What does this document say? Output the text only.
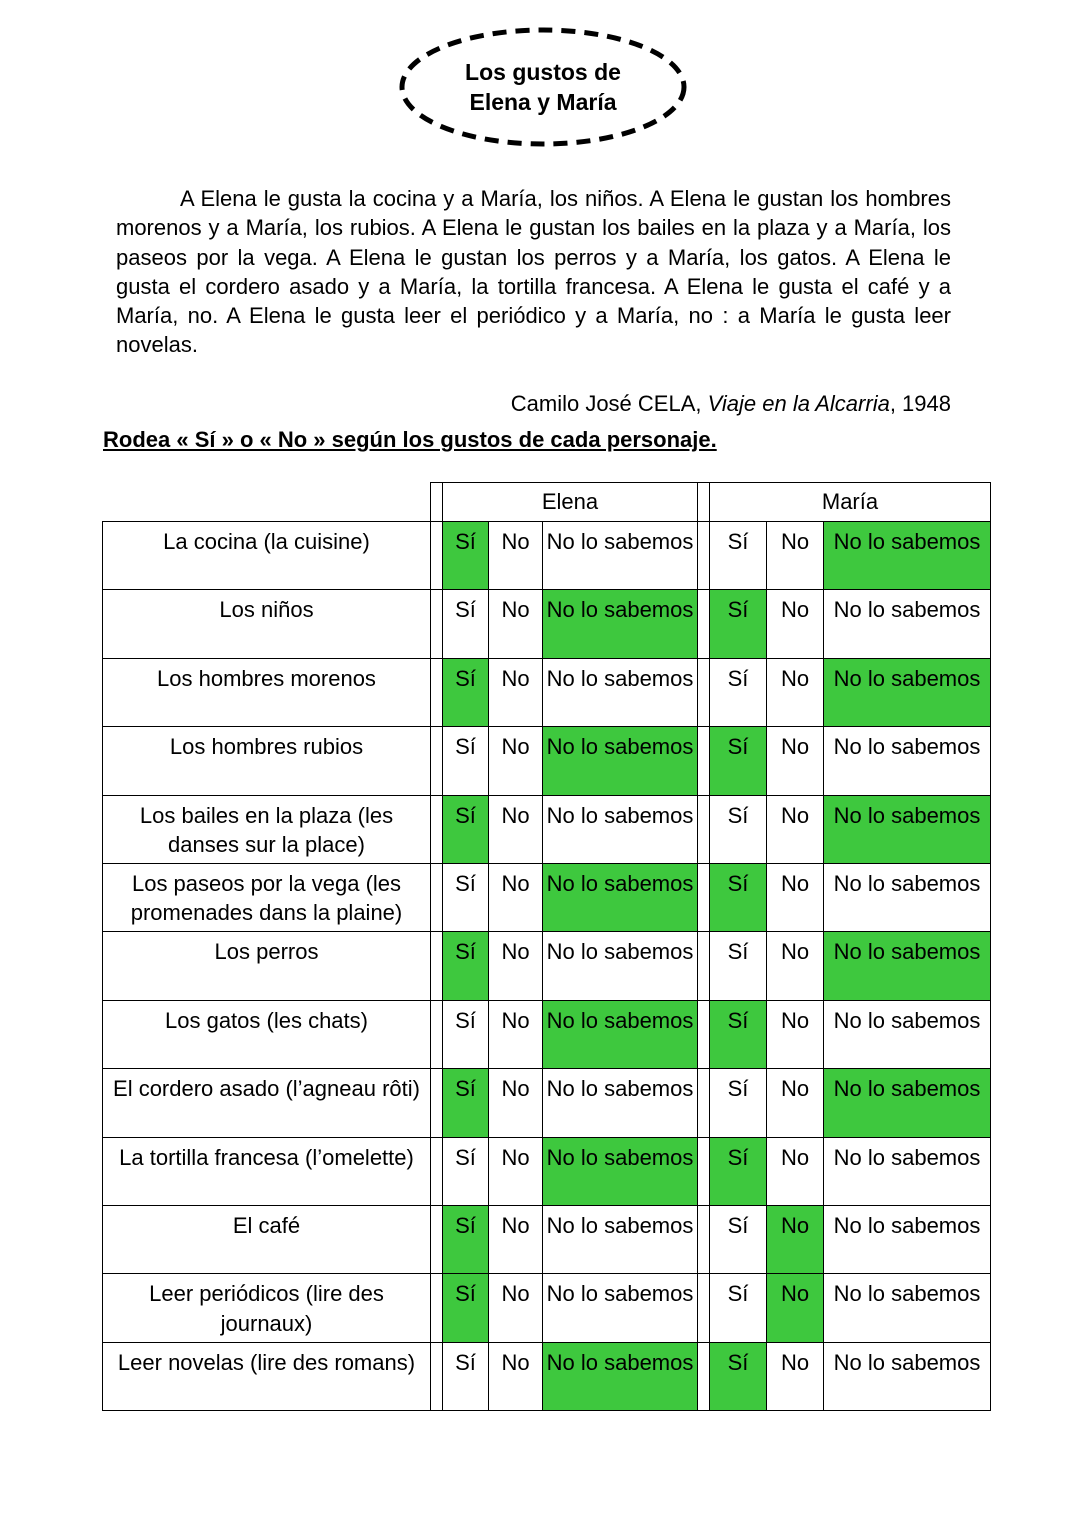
Los gustos de
Elena y María

A Elena le gusta la cocina y a María, los niños. A Elena le gustan los hombres morenos y a María, los rubios. A Elena le gustan los bailes en la plaza y a María, los paseos por la vega. A Elena le gustan los perros y a María, los gatos. A Elena le gusta el cordero asado y a María, la tortilla francesa. A Elena le gusta el café y a María, no. A Elena le gusta leer el periódico y a María, no : a María le gusta leer novelas.

Camilo José CELA, Viaje en la Alcarria, 1948
Rodea « Sí » o « No » según los gustos de cada personaje.
		Elena				María		
La cocina (la cuisine)		Sí	No	No lo sabemos		Sí	No	No lo sabemos
Los niños		Sí	No	No lo sabemos		Sí	No	No lo sabemos
Los hombres morenos		Sí	No	No lo sabemos		Sí	No	No lo sabemos
Los hombres rubios		Sí	No	No lo sabemos		Sí	No	No lo sabemos
Los bailes en la plaza (les danses sur la place)		Sí	No	No lo sabemos		Sí	No	No lo sabemos
Los paseos por la vega (les promenades dans la plaine)		Sí	No	No lo sabemos		Sí	No	No lo sabemos
Los perros		Sí	No	No lo sabemos		Sí	No	No lo sabemos
Los gatos (les chats)		Sí	No	No lo sabemos		Sí	No	No lo sabemos
El cordero asado (l’agneau rôti)		Sí	No	No lo sabemos		Sí	No	No lo sabemos
La tortilla francesa (l’omelette)		Sí	No	No lo sabemos		Sí	No	No lo sabemos
El café		Sí	No	No lo sabemos		Sí	No	No lo sabemos
Leer periódicos (lire des journaux)		Sí	No	No lo sabemos		Sí	No	No lo sabemos
Leer novelas (lire des romans)		Sí	No	No lo sabemos		Sí	No	No lo sabemos
